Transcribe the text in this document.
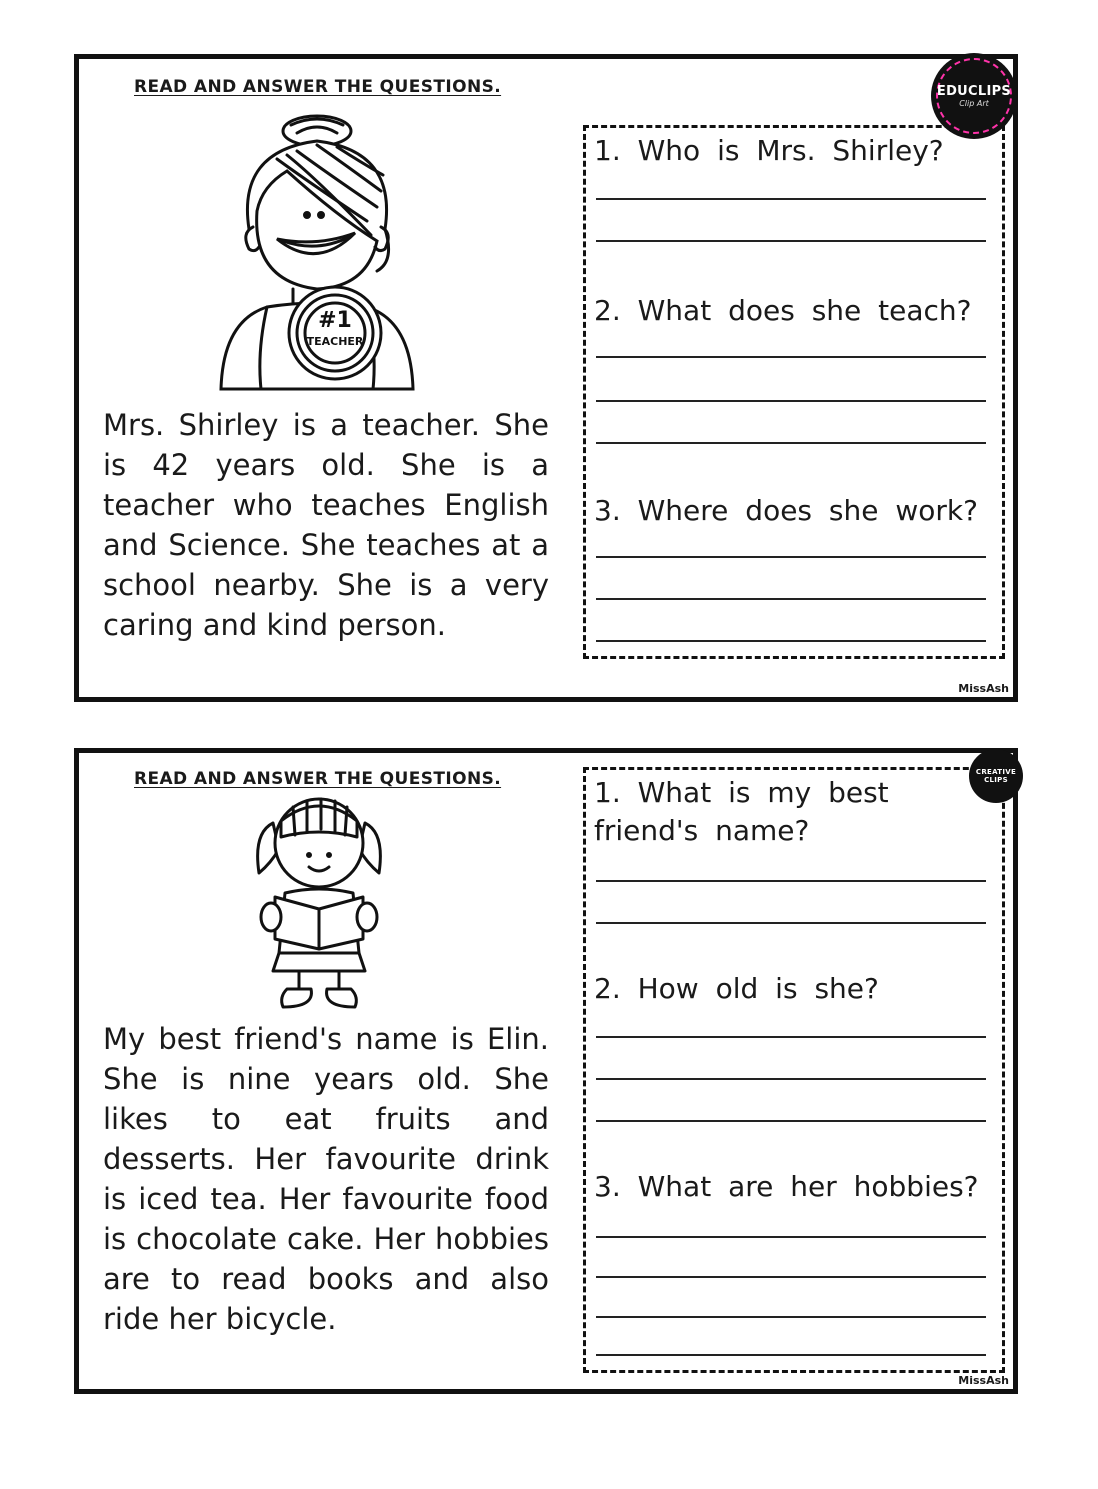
READ AND ANSWER THE QUESTIONS.
#1
TEACHER

Mrs. Shirley is a teacher. She is 42 years old. She is a teacher who teaches English and Science. She teaches at a school nearby. She is a very caring and kind person.

1. Who is Mrs. Shirley?

2. What does she teach?

3. Where does she work?

EDUCLIPS
Clip Art
MissAsh
READ AND ANSWER THE QUESTIONS.

My best friend's name is Elin. She is nine years old. She likes to eat fruits and desserts. Her favourite drink is iced tea. Her favourite food is chocolate cake. Her hobbies are to read books and also ride her bicycle.

1. What is my best friend's name?

2. How old is she?

3. What are her hobbies?

CREATIVE CLIPS
MissAsh
